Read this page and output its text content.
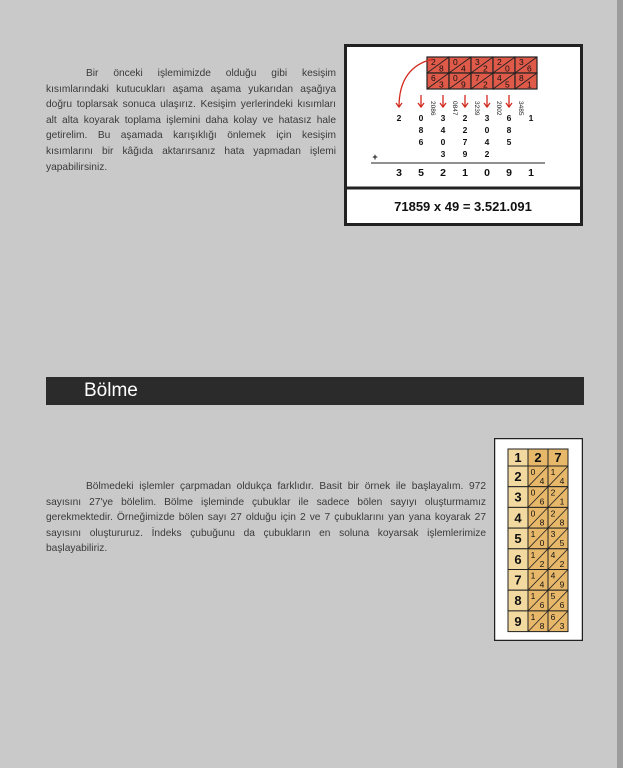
Bir önceki işlemimizde olduğu gibi kesişim kısımlarındaki kutucukları aşama aşama yukarıdan aşağıya doğru toplarsak sonuca ulaşırız. Kesişim yerlerindeki kısımları alt alta koyarak toplama işlemini daha kolay ve hatasız hale getirelim. Bu aşamada karışıklığı önlemek için kesişim kısımlarını bir kâğıda aktarırsanız hata yapmadan işlemi yapabilirsiniz.

2
8
0
4
3
2
2
0
3
6
6
3
0
9
7
2
4
5
8
1
2086 0847 3239 2002 3485
2 0 3 2 3 6 1
8 4 2 0 8
6 0 7 4 5
3 9 2
+
3 5 2 1 0 9 1
71859 x 49 = 3.521.091
Bölme

Bölmedeki işlemler çarpmadan oldukça farklıdır. Basit bir örnek ile başlayalım. 972 sayısını 27'ye bölelim. Bölme işleminde çubuklar ile sadece bölen sayıyı oluşturmamız gerekmektedir. Örneğimizde bölen sayı 27 olduğu için 2 ve 7 çubuklarını yan yana koyarak 27 sayısını oluştururuz. İndeks çubuğunu da çubukların en soluna koyarsak işlemlerimize başlayabiliriz.

1 2 7
2 0
4
1
4
3 0
6
2
1
4 0
8
2
8
5 1
0
3
5
6 1
2
4
2
7 1
4
4
9
8 1
6
5
6
9 1
8
6
3
